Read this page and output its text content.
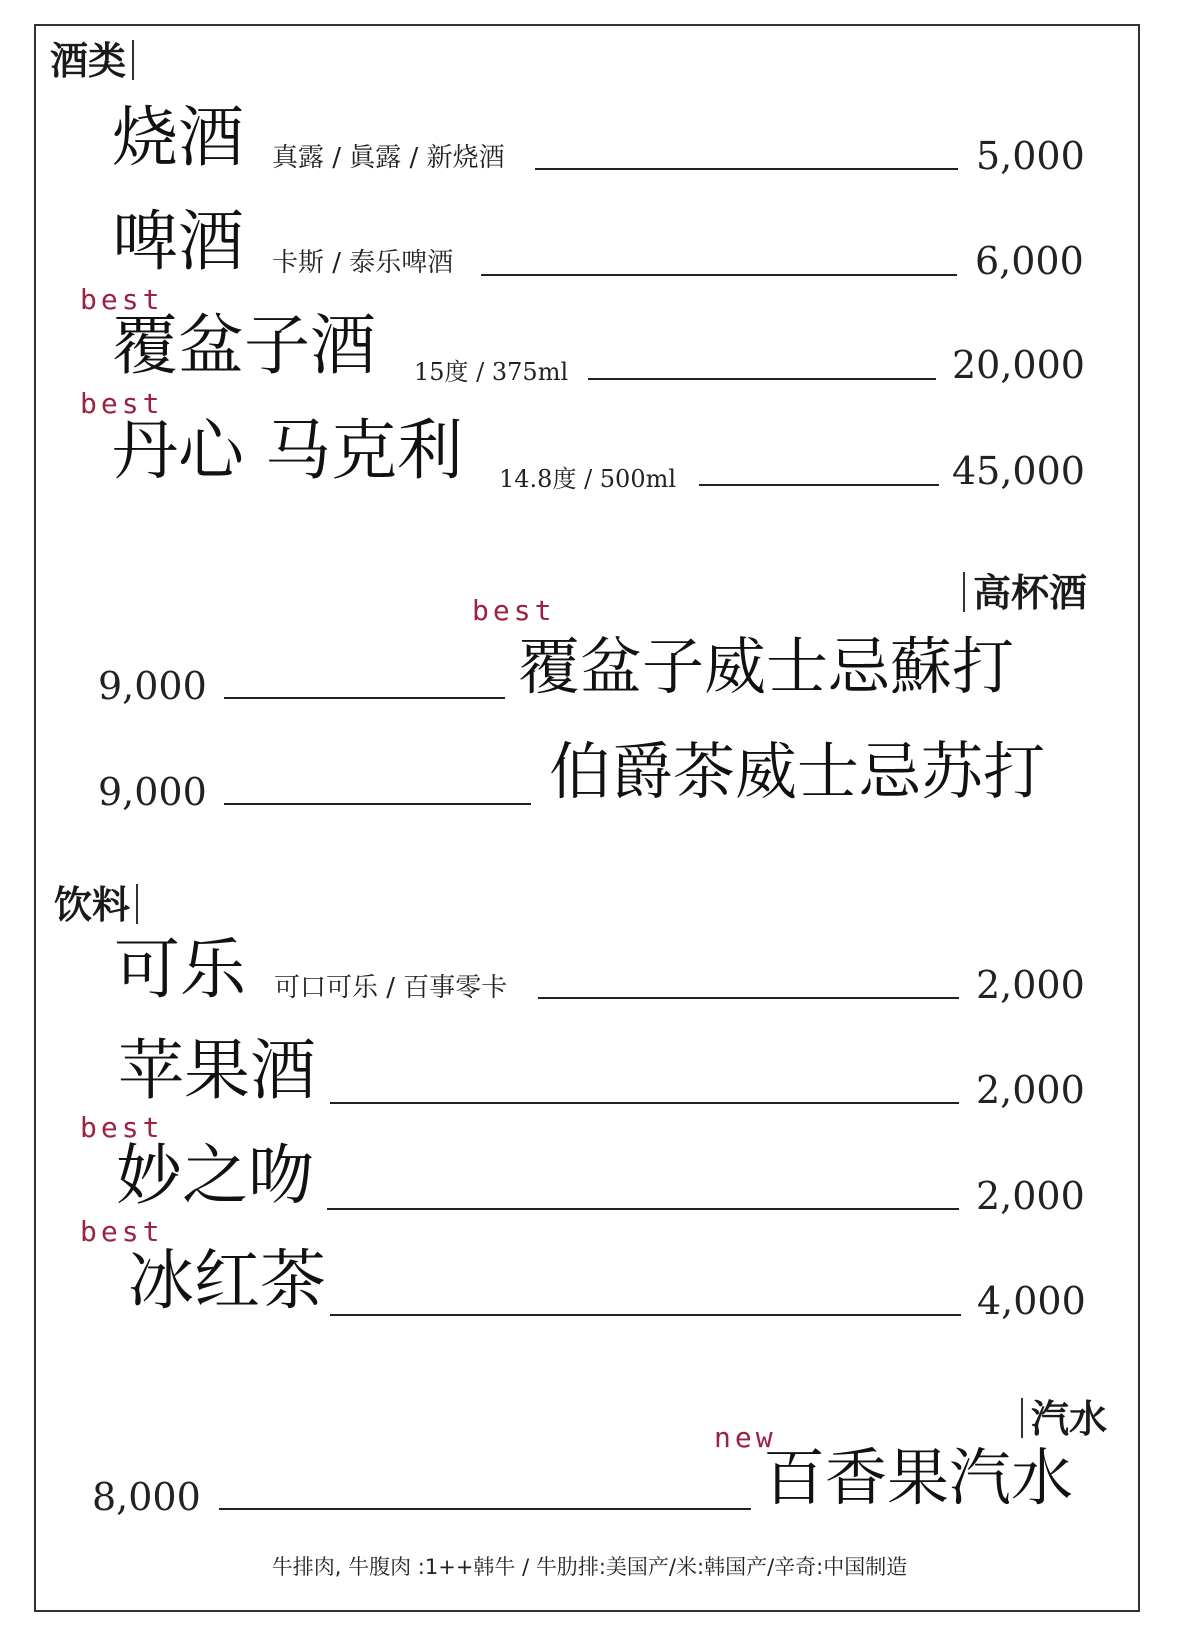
酒类
烧酒 真露 / 眞露 / 新烧酒	5,000
啤酒 卡斯 / 泰乐啤酒	6,000
best
覆盆子酒 15度 / 375ml	20,000
best
丹心 马克利 14.8度 / 500ml	45,000
高杯酒
best
9,000	覆盆子威士忌蘇打
9,000	伯爵茶威士忌苏打
饮料
可乐 可口可乐 / 百事零卡	2,000
苹果酒	2,000
best
妙之吻	2,000
best
冰红茶	4,000
汽水
new
8,000	百香果汽水
牛排肉, 牛腹肉 :1++韩牛 / 牛肋排:美国产/米:韩国产/辛奇:中国制造
